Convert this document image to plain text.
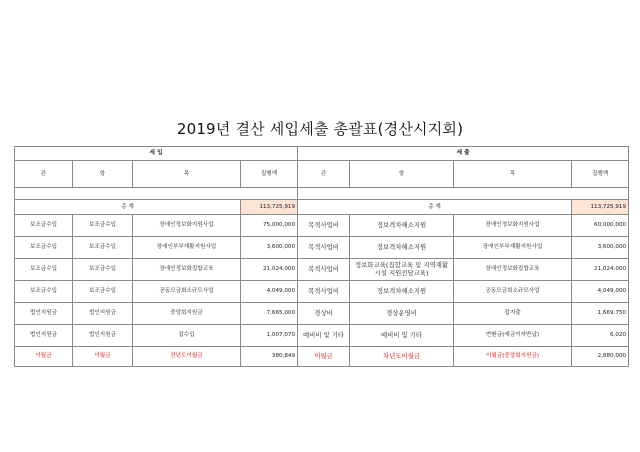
2019년 결산 세입세출 총괄표(경산시지회)
세 입				세 출			
관	항	목	집행액	관	항	목	집행액

총 계			113,725,919	총 계			113,725,919
보조금수입	보조금수입	장애인정보화지원사업	75,000,000	목적사업비	정보격차해소지원	장애인정보화지원사업	60,000,000
보조금수입	보조금수입	장애인부부재활지원사업	3,600,000	목적사업비	정보격차해소지원	장애인부부재활지원사업	3,600,000
보조금수입	보조금수입	장애인정보화집합교육	21,024,000	목적사업비	정보화교육(집합교육 및 지역재활시설 지원전담교육)	장애인정보화집합교육	21,024,000
보조금수입	보조금수입	공동모금회소규모사업	4,049,000	목적사업비	정보격차해소지원	공동모금회소규모사업	4,049,000
법인지원금	법인지원금	중앙회지원금	7,665,000	경상비	경상운영비	잡지출	1,669,750
법인지원금	법인지원금	잡수입	1,007,070	예비비 및 기타	예비비 및 기타	반환금(예금이자반납)	6,020
이월금	이월금	전년도이월금	380,849	이월금	차년도이월금	이월금(중앙회지원금)	2,880,000
